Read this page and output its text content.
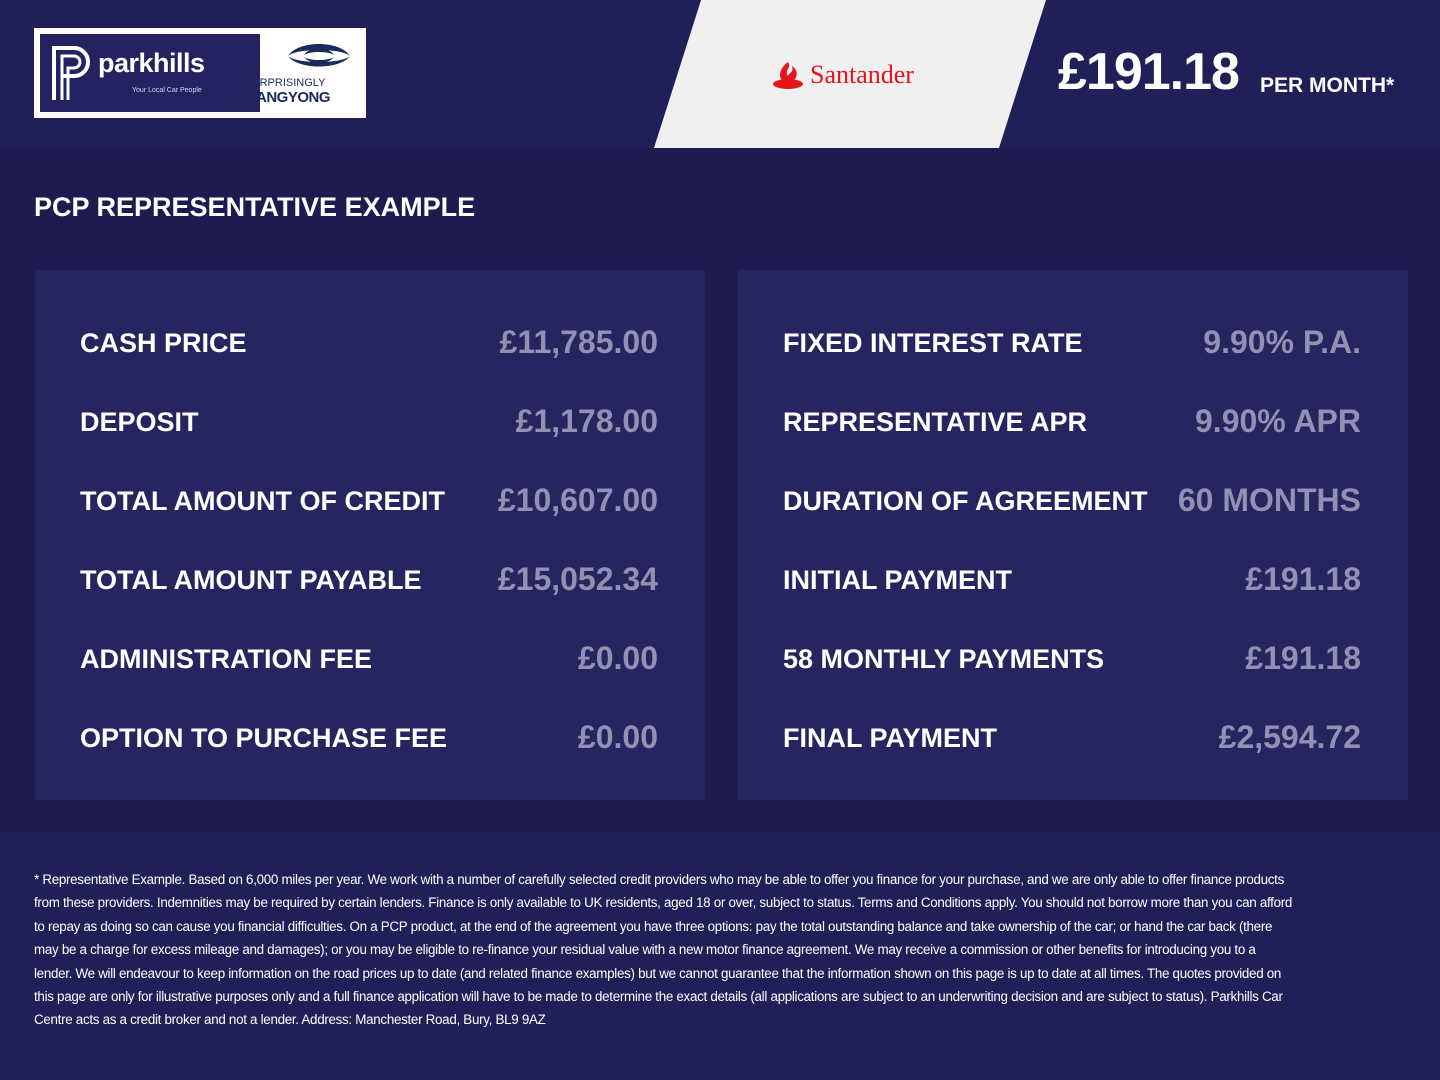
parkhills
Your Local Car People
SSURPRISINGLY
SSANGYONG
Santander	£191.18 PER MONTH*
PCP REPRESENTATIVE EXAMPLE
CASH PRICE	£11,785.00
DEPOSIT	£1,178.00
TOTAL AMOUNT OF CREDIT £10,607.00
TOTAL AMOUNT PAYABLE £15,052.34
ADMINISTRATION FEE	£0.00
OPTION TO PURCHASE FEE	£0.00
FIXED INTEREST RATE	9.90% P.A.
REPRESENTATIVE APR	9.90% APR
DURATION OF AGREEMENT 60 MONTHS
INITIAL PAYMENT	£191.18
58 MONTHLY PAYMENTS	£191.18
FINAL PAYMENT	£2,594.72

* Representative Example. Based on 6,000 miles per year. We work with a number of carefully selected credit providers who may be able to offer you finance for your purchase, and we are only able to offer finance products from these providers. Indemnities may be required by certain lenders. Finance is only available to UK residents, aged 18 or over, subject to status. Terms and Conditions apply. You should not borrow more than you can afford to repay as doing so can cause you financial difficulties. On a PCP product, at the end of the agreement you have three options: pay the total outstanding balance and take ownership of the car; or hand the car back (there may be a charge for excess mileage and damages); or you may be eligible to re-finance your residual value with a new motor finance agreement. We may receive a commission or other benefits for introducing you to a lender. We will endeavour to keep information on the road prices up to date (and related finance examples) but we cannot guarantee that the information shown on this page is up to date at all times. The quotes provided on this page are only for illustrative purposes only and a full finance application will have to be made to determine the exact details (all applications are subject to an underwriting decision and are subject to status). Parkhills Car Centre acts as a credit broker and not a lender. Address: Manchester Road, Bury, BL9 9AZ
